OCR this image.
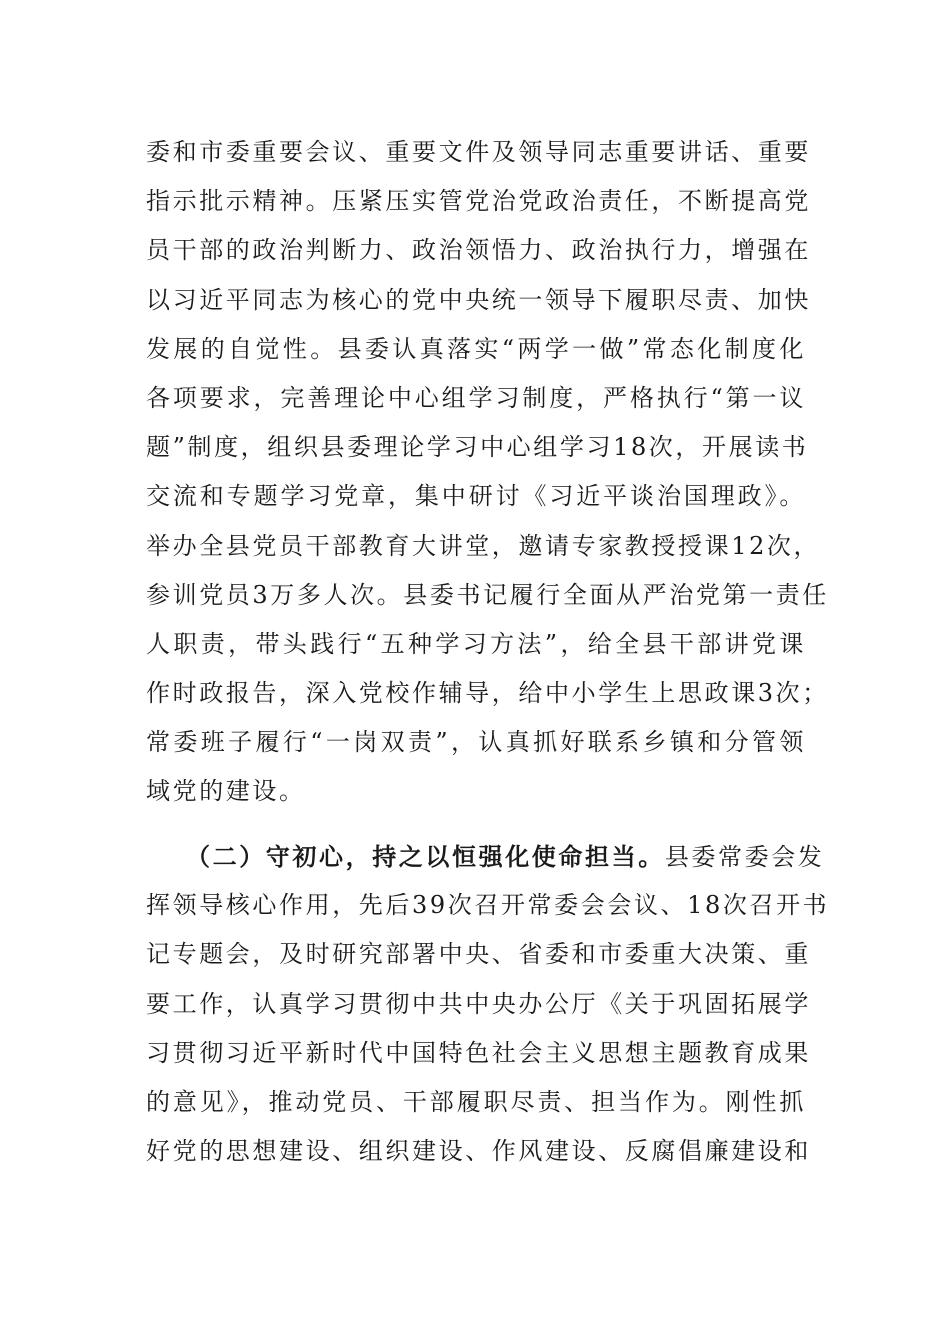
委和市委重要会议、重要文件及领导同志重要讲话、重要
指示批示精神。压紧压实管党治党政治责任，不断提高党
员干部的政治判断力、政治领悟力、政治执行力，增强在
以习近平同志为核心的党中央统一领导下履职尽责、加快
发展的自觉性。县委认真落实“两学一做”常态化制度化
各项要求，完善理论中心组学习制度，严格执行“第一议
题”制度，组织县委理论学习中心组学习18次，开展读书
交流和专题学习党章，集中研讨《习近平谈治国理政》。
举办全县党员干部教育大讲堂，邀请专家教授授课12次，
参训党员3万多人次。县委书记履行全面从严治党第一责任
人职责，带头践行“五种学习方法”，给全县干部讲党课
作时政报告，深入党校作辅导，给中小学生上思政课3次；
常委班子履行“一岗双责”，认真抓好联系乡镇和分管领
域党的建设。
（二）守初心，持之以恒强化使命担当。县委常委会发
挥领导核心作用，先后39次召开常委会会议、18次召开书
记专题会，及时研究部署中央、省委和市委重大决策、重
要工作，认真学习贯彻中共中央办公厅《关于巩固拓展学
习贯彻习近平新时代中国特色社会主义思想主题教育成果
的意见》，推动党员、干部履职尽责、担当作为。刚性抓
好党的思想建设、组织建设、作风建设、反腐倡廉建设和
